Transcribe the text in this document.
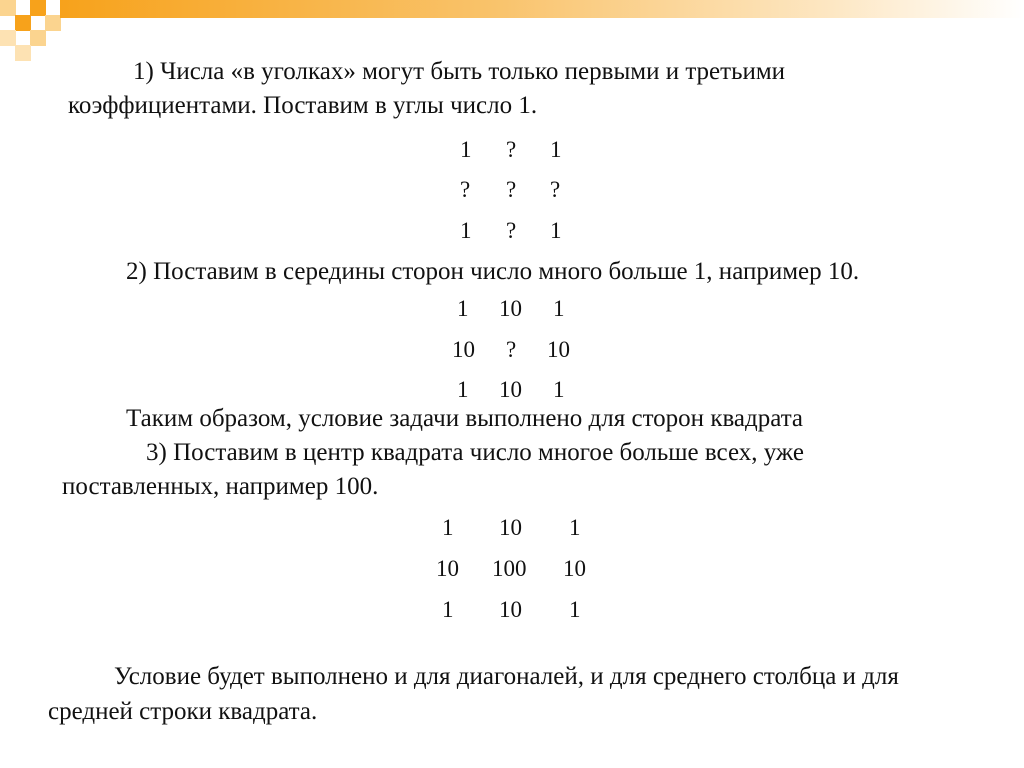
1) Числа «в уголках» могут быть только первыми и третьими
коэффициентами. Поставим в углы число 1.
1 ? 1
? ? ?
1 ? 1
2) Поставим в середины сторон число много больше 1, например 10.
1 10 1
10 ? 10
1 10 1
Таким образом, условие задачи выполнено для сторон квадрата
3) Поставим в центр квадрата число многое больше всех, уже
поставленных, например 100.
1 10 1
10 100 10
1 10 1
Условие будет выполнено и для диагоналей, и для среднего столбца и для
средней строки квадрата.
